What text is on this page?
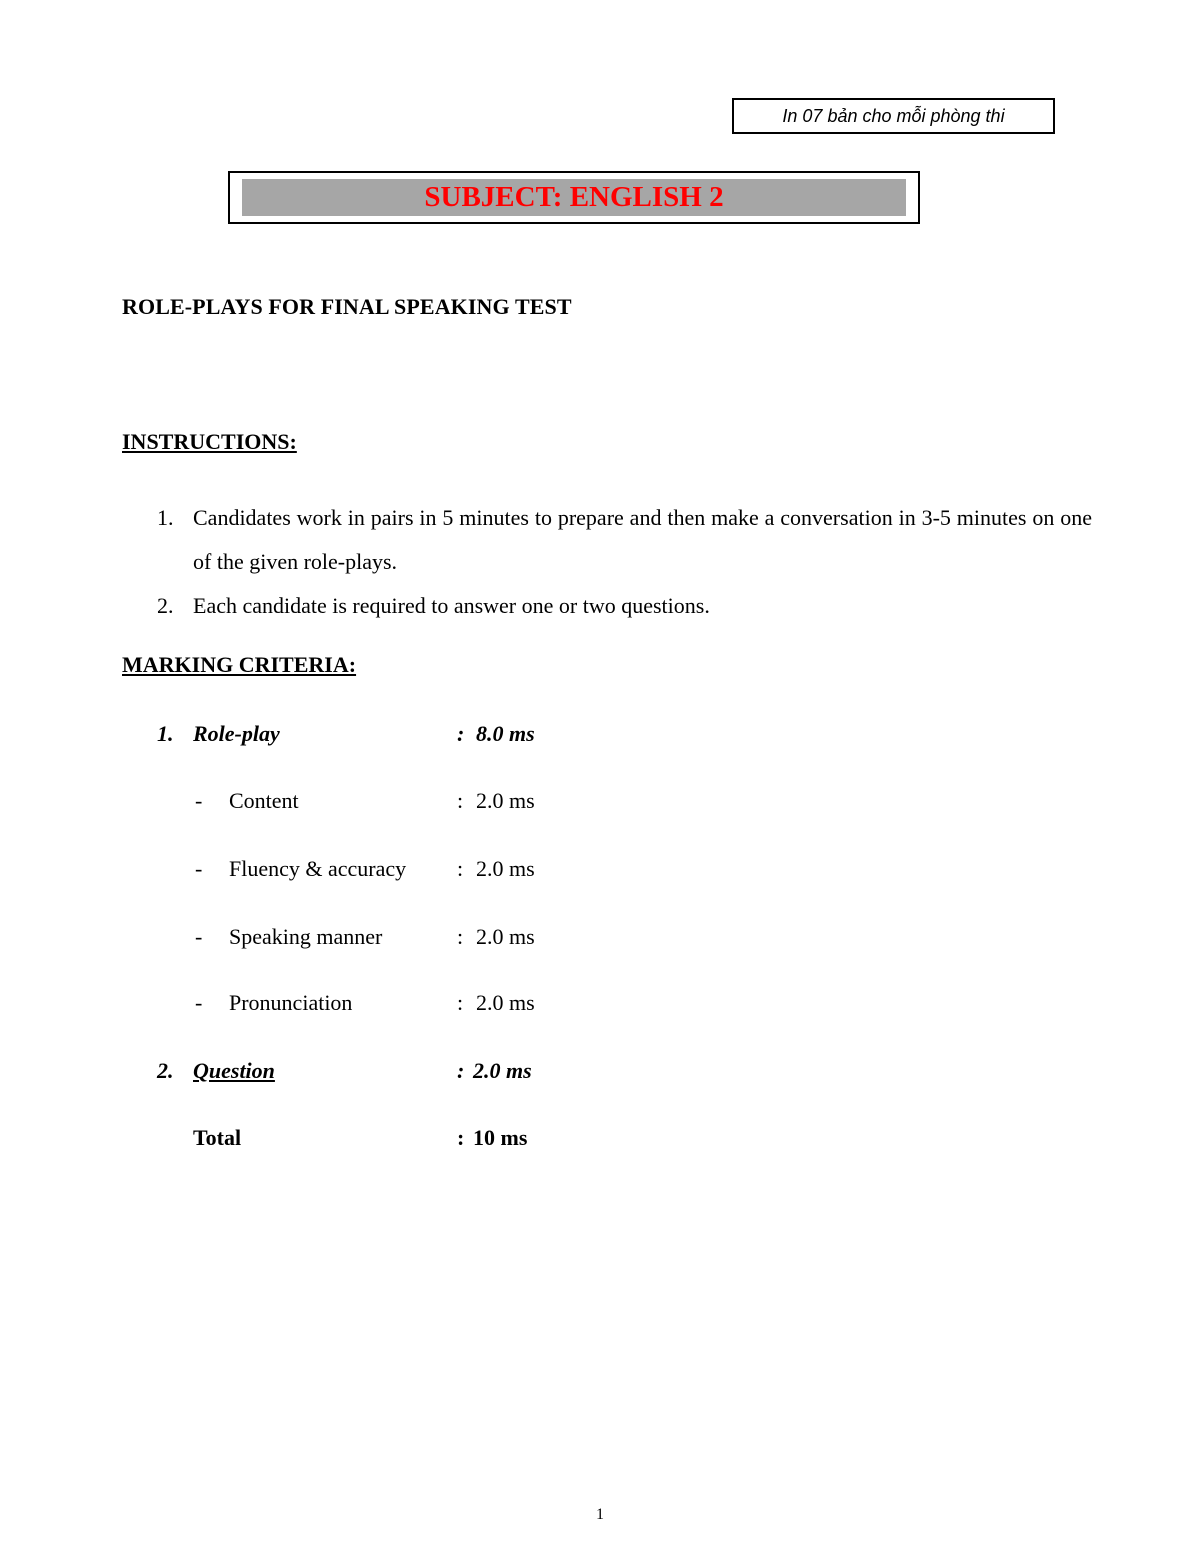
In 07 bản cho mỗi phòng thi
SUBJECT: ENGLISH 2
ROLE-PLAYS FOR FINAL SPEAKING TEST
INSTRUCTIONS:
1. Candidates work in pairs in 5 minutes to prepare and then make a conversation in 3-5 minutes on one of the given role-plays.
2. Each candidate is required to answer one or two questions.
MARKING CRITERIA:
1. Role-play	: 8.0 ms
- Content	: 2.0 ms
- Fluency & accuracy : 2.0 ms
- Speaking manner	: 2.0 ms
- Pronunciation	: 2.0 ms
2. Question	: 2.0 ms
Total	: 10 ms
1
